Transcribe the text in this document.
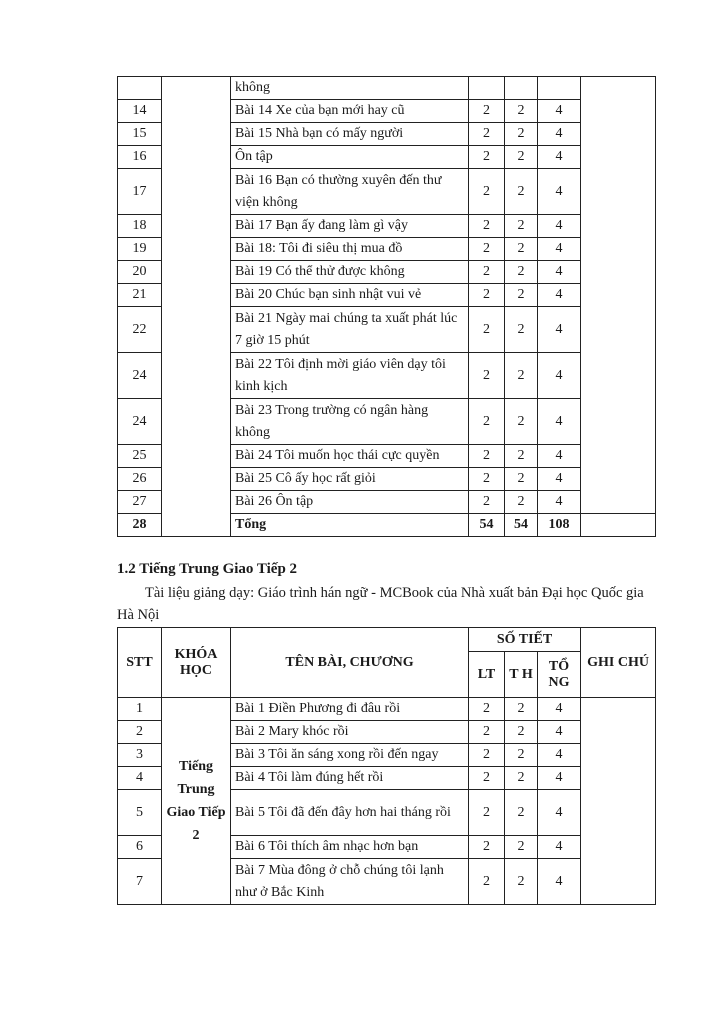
		không				
14		Bài 14 Xe của bạn mới hay cũ	2	2	4	
15		Bài 15 Nhà bạn có mấy người	2	2	4	
16		Ôn tập	2	2	4	
17		Bài 16 Bạn có thường xuyên đến thư viện không	2	2	4	
18		Bài 17 Bạn ấy đang làm gì vậy	2	2	4	
19		Bài 18: Tôi đi siêu thị mua đồ	2	2	4	
20		Bài 19 Có thể thử được không	2	2	4	
21		Bài 20 Chúc bạn sinh nhật vui vẻ	2	2	4	
22		Bài 21 Ngày mai chúng ta xuất phát lúc 7 giờ 15 phút	2	2	4	
24		Bài 22 Tôi định mời giáo viên dạy tôi kinh kịch	2	2	4	
24		Bài 23 Trong trường có ngân hàng không	2	2	4	
25		Bài 24 Tôi muốn học thái cực quyền	2	2	4	
26		Bài 25 Cô ấy học rất giỏi	2	2	4	
27		Bài 26 Ôn tập	2	2	4	
28		Tổng	54	54	108	
1.2 Tiếng Trung Giao Tiếp 2
Tài liệu giảng dạy: Giáo trình hán ngữ - MCBook của Nhà xuất bản Đại học Quốc gia Hà Nội
STT	KHÓA HỌC	TÊN BÀI, CHƯƠNG	SỐ TIẾT			GHI CHÚ
			LT	T H	TỔ NG	
1	Tiếng Trung Giao Tiếp 2	Bài 1 Điền Phương đi đâu rồi	2	2	4	
2		Bài 2 Mary khóc rồi	2	2	4	
3		Bài 3 Tôi ăn sáng xong rồi đến ngay	2	2	4	
4		Bài 4 Tôi làm đúng hết rồi	2	2	4	
5		Bài 5 Tôi đã đến đây hơn hai tháng rồi	2	2	4	
6		Bài 6 Tôi thích âm nhạc hơn bạn	2	2	4	
7		Bài 7 Mùa đông ở chỗ chúng tôi lạnh như ở Bắc Kinh	2	2	4	
